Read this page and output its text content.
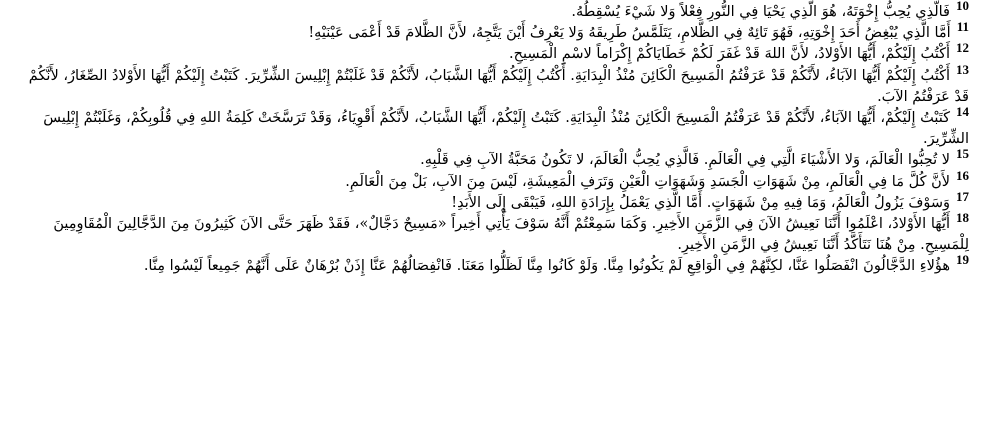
$^{10}$فَالَّذِي يُحِبُّ إِخْوَتَهُ، هُوَ الَّذِي يَحْيَا فِي النُّورِ فِعْلاً وَلا شَيْءَ يُسْقِطُهُ.

$^{11}$أَمَّا الَّذِي يُبْغِضُ أَحَدَ إِخْوَتِهِ، فَهُوَ تَائِهٌ فِي الظَّلامِ، يَتَلَمَّسُ طَرِيقَهُ وَلا يَعْرِفُ أَيْنَ يَتَّجِهُ، لأَنَّ الظَّلامَ قَدْ أَعْمَى عَيْنَيْهِ!

$^{12}$أَكْتُبُ إِلَيْكُمْ، أَيُّهَا الأَوْلادُ، لأَنَّ اللهَ قَدْ غَفَرَ لَكُمْ خَطَايَاكُمْ إِكْرَاماً لاسْمِ الْمَسِيحِ.

$^{13}$أَكْتُبُ إِلَيْكُمْ أَيُّهَا الآبَاءُ، لأَنَّكُمْ قَدْ عَرَفْتُمُ الْمَسِيحَ الْكَائِنَ مُنْذُ الْبِدَايَةِ. أَكْتُبُ إِلَيْكُمْ أَيُّهَا الشَّبَابُ، لأَنَّكُمْ قَدْ غَلَبْتُمْ إِبْلِيسَ الشِّرِّيرَ. كَتَبْتُ إِلَيْكُمْ أَيُّهَا الأَوْلادُ الصِّغَارُ، لأَنَّكُمْ قَدْ عَرَفْتُمُ الآبَ.

$^{14}$كَتَبْتُ إِلَيْكُمْ، أَيُّهَا الآبَاءُ، لأَنَّكُمْ قَدْ عَرَفْتُمُ الْمَسِيحَ الْكَائِنَ مُنْذُ الْبِدَايَةِ. كَتَبْتُ إِلَيْكُمْ، أَيُّهَا الشَّبَابُ، لأَنَّكُمْ أَقْوِيَاءُ، وَقَدْ تَرَسَّخَتْ كَلِمَةُ اللهِ فِي قُلُوبِكُمْ، وَغَلَبْتُمْ إِبْلِيسَ الشِّرِّيرَ.

$^{15}$لا تُحِبُّوا الْعَالَمَ، وَلا الأَشْيَاءَ الَّتِي فِي الْعَالَمِ. فَالَّذِي يُحِبُّ الْعَالَمَ، لا تَكُونُ مَحَبَّةُ الآبِ فِي قَلْبِهِ.

$^{16}$لأَنَّ كُلَّ مَا فِي الْعَالَمِ، مِنْ شَهَوَاتِ الْجَسَدِ وَشَهَوَاتِ الْعَيْنِ وَتَرَفِ الْمَعِيشَةِ، لَيْسَ مِنَ الآبِ، بَلْ مِنَ الْعَالَمِ.

$^{17}$وَسَوْفَ يَزُولُ الْعَالَمُ، وَمَا فِيهِ مِنْ شَهَوَاتٍ. أَمَّا الَّذِي يَعْمَلُ بِإِرَادَةِ اللهِ، فَيَبْقَى إِلَى الأَبَدِ!

$^{18}$أَيُّهَا الأَوْلادُ، اعْلَمُوا أَنَّنَا نَعِيشُ الآنَ فِي الزَّمَنِ الأَخِيرِ. وَكَمَا سَمِعْتُمْ أَنَّهُ سَوْفَ يَأْتِي أَخِيراً «مَسِيحٌ دَجَّالٌ»، فَقَدْ ظَهَرَ حَتَّى الآنَ كَثِيرُونَ مِنَ الدَّجَّالِينَ الْمُقَاوِمِينَ لِلْمَسِيحِ. مِنْ هُنَا نَتَأَكَّدُ أَنَّنَا نَعِيشُ فِي الزَّمَنِ الأَخِيرِ.

$^{19}$هؤُلاءِ الدَّجَّالُونَ انْفَصَلُوا عَنَّا، لكِنَّهُمْ فِي الْوَاقِعِ لَمْ يَكُونُوا مِنَّا. وَلَوْ كَانُوا مِنَّا لَظَلُّوا مَعَنَا. فَانْفِصَالُهُمْ عَنَّا إِذَنْ بُرْهَانٌ عَلَى أَنَّهُمْ جَمِيعاً لَيْسُوا مِنَّا.
